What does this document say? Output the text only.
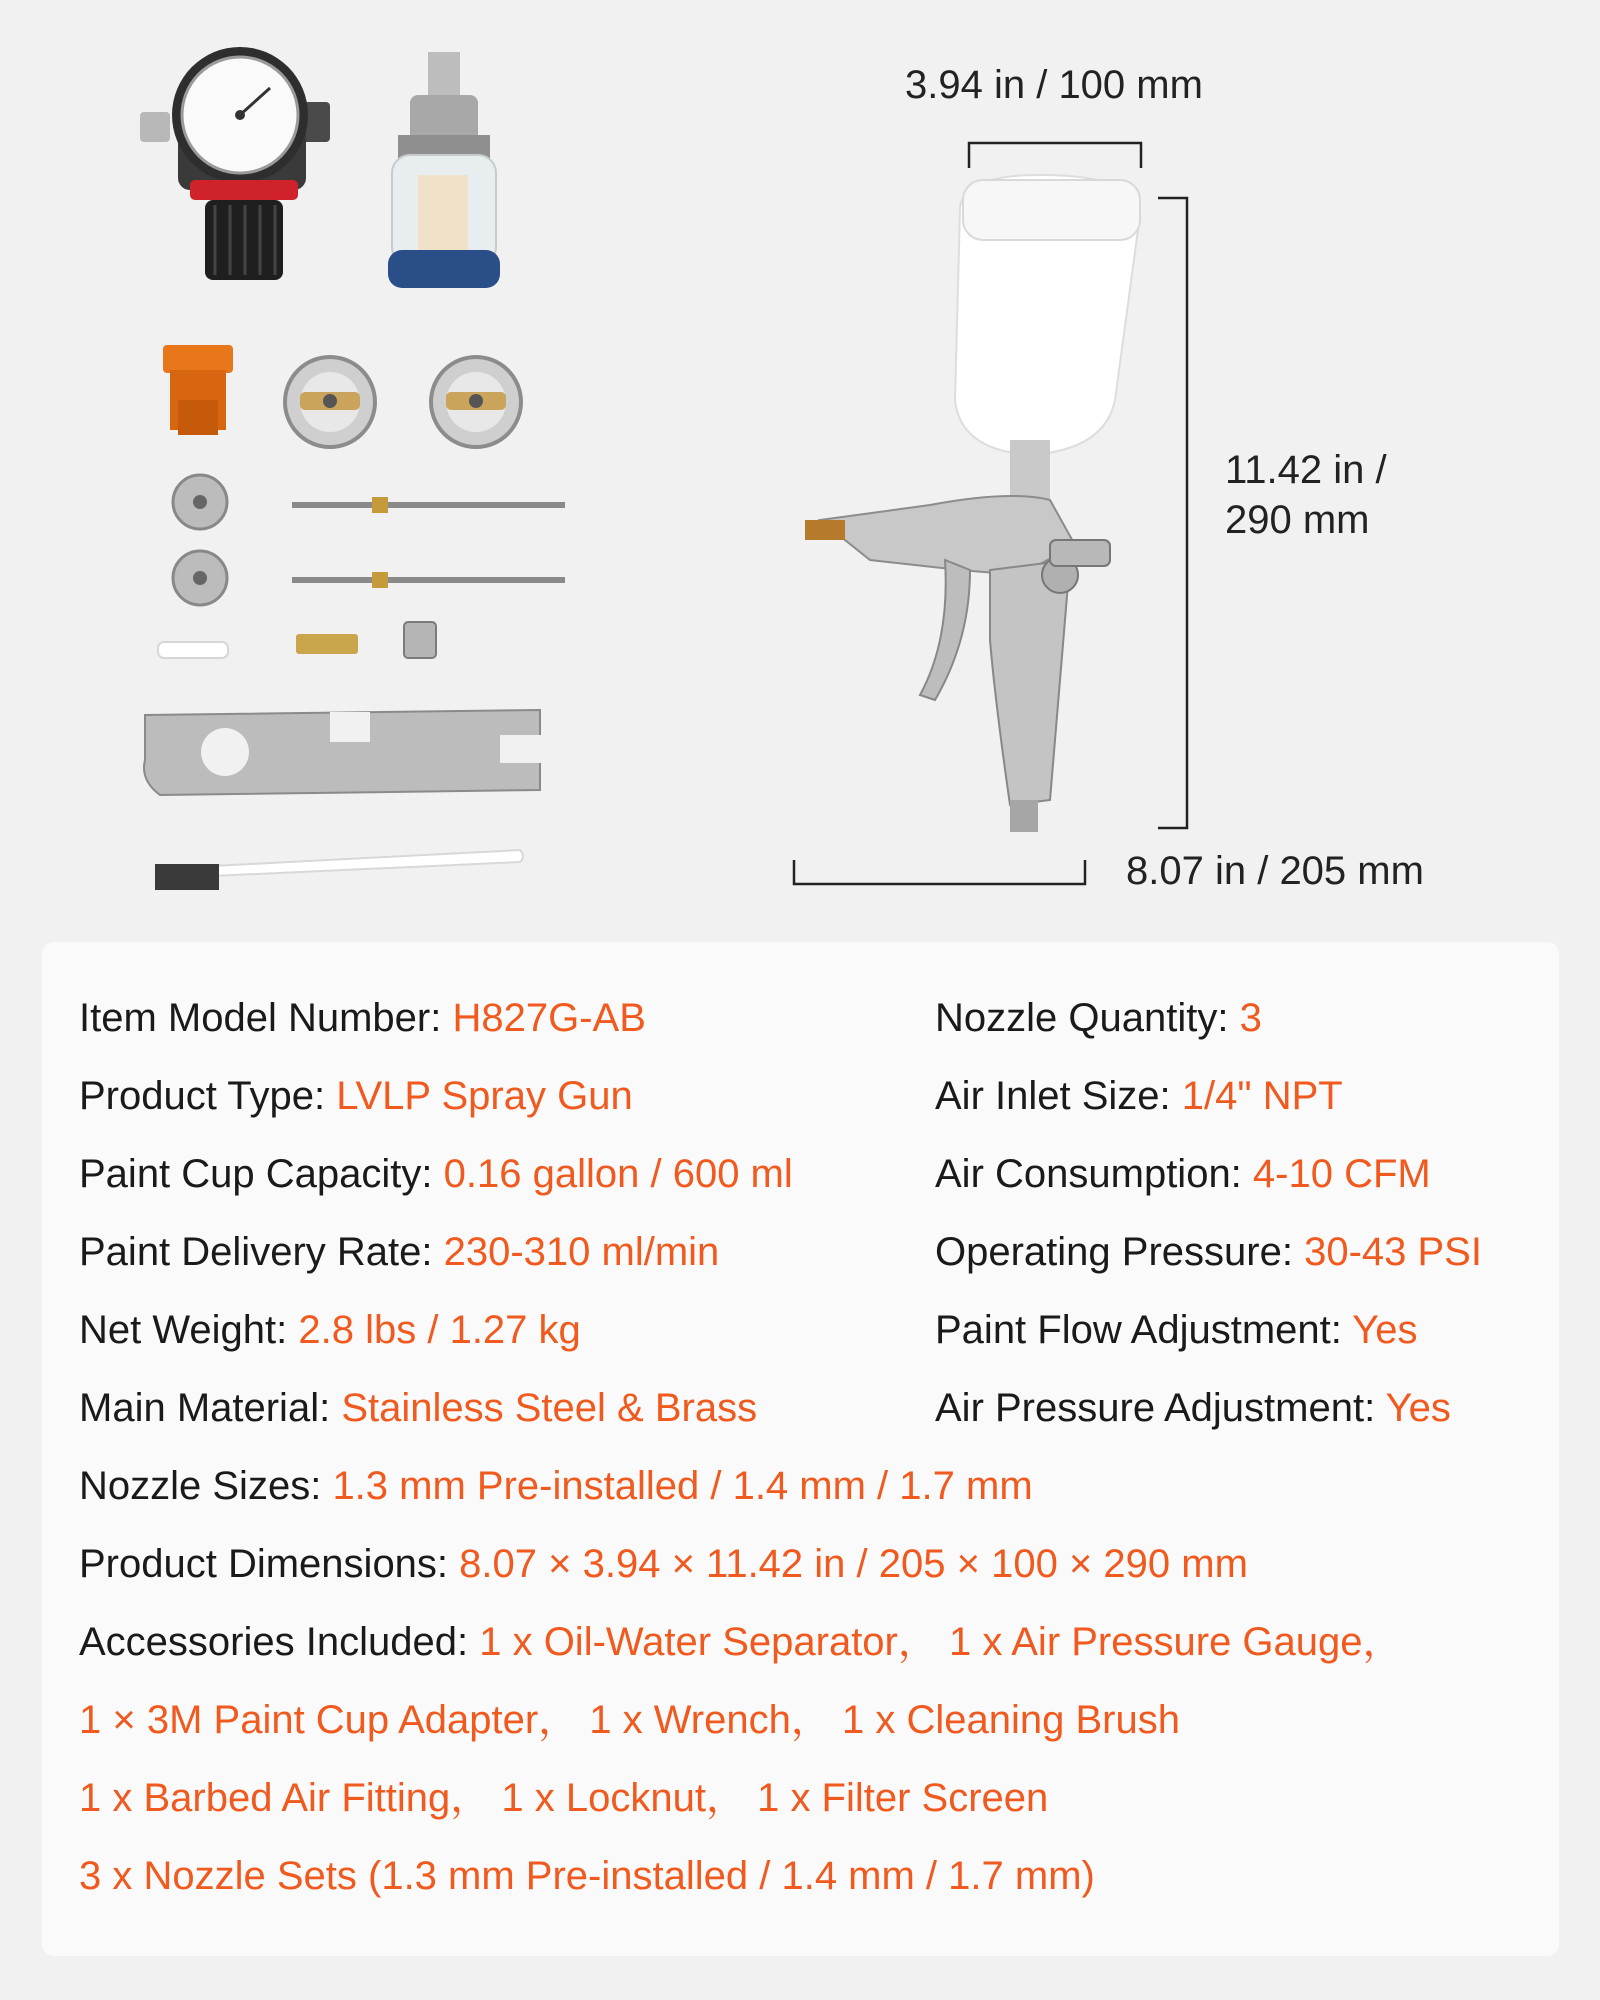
3.94 in / 100 mm
11.42 in /
290 mm
8.07 in / 205 mm
Item Model Number: H827G-AB
Product Type: LVLP Spray Gun
Paint Cup Capacity: 0.16 gallon / 600 ml
Paint Delivery Rate: 230-310 ml/min
Net Weight: 2.8 lbs / 1.27 kg
Main Material: Stainless Steel & Brass
Nozzle Quantity: 3
Air Inlet Size: 1/4" NPT
Air Consumption: 4-10 CFM
Operating Pressure: 30-43 PSI
Paint Flow Adjustment: Yes
Air Pressure Adjustment: Yes
Nozzle Sizes: 1.3 mm Pre-installed / 1.4 mm / 1.7 mm
Product Dimensions: 8.07 × 3.94 × 11.42 in / 205 × 100 × 290 mm
Accessories Included: 1 x Oil-Water Separator， 1 x Air Pressure Gauge，
1 × 3M Paint Cup Adapter， 1 x Wrench， 1 x Cleaning Brush
1 x Barbed Air Fitting， 1 x Locknut， 1 x Filter Screen
3 x Nozzle Sets (1.3 mm Pre-installed / 1.4 mm / 1.7 mm)
